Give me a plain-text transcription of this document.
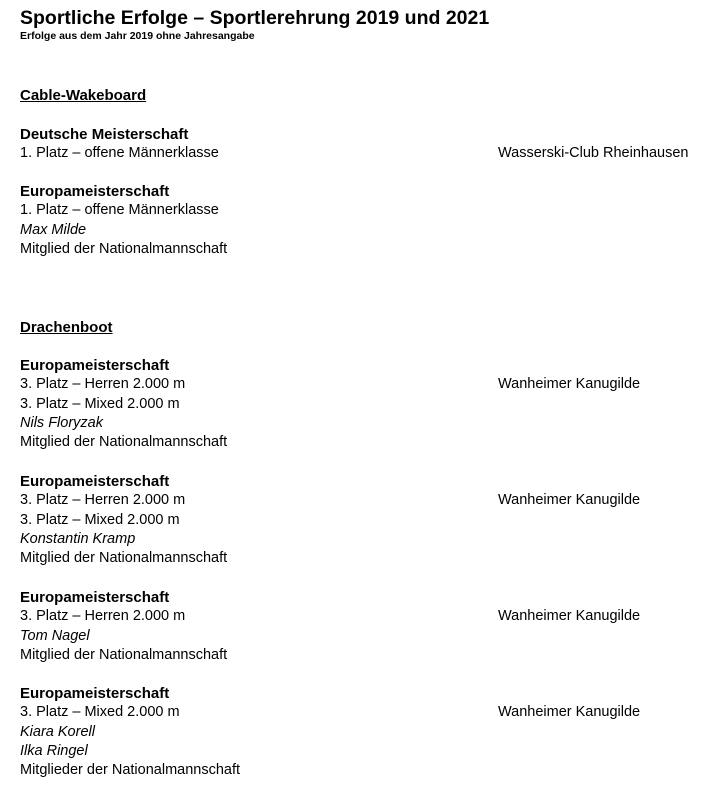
Sportliche Erfolge – Sportlerehrung 2019 und 2021

Erfolge aus dem Jahr 2019 ohne Jahresangabe

Cable-Wakeboard
Deutsche Meisterschaft
1. Platz – offene Männerklasse	Wasserski-Club Rheinhausen
Europameisterschaft
1. Platz – offene Männerklasse
Max Milde
Mitglied der Nationalmannschaft
Drachenboot
Europameisterschaft
3. Platz – Herren 2.000 m
3. Platz – Mixed 2.000 m
Nils Floryzak
Mitglied der Nationalmannschaft
Wanheimer Kanugilde
Europameisterschaft
3. Platz – Herren 2.000 m
3. Platz – Mixed 2.000 m
Konstantin Kramp
Mitglied der Nationalmannschaft
Wanheimer Kanugilde
Europameisterschaft
3. Platz – Herren 2.000 m
Tom Nagel
Mitglied der Nationalmannschaft
Wanheimer Kanugilde
Europameisterschaft
3. Platz – Mixed 2.000 m
Kiara Korell
Ilka Ringel
Mitglieder der Nationalmannschaft
Wanheimer Kanugilde
